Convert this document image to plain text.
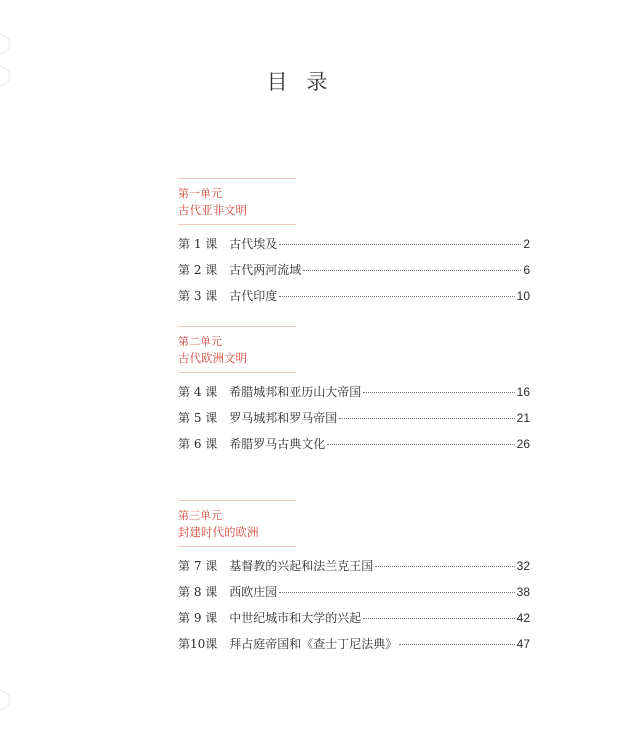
目 录
第一单元
古代亚非文明
第 1 课 古代埃及	2
第 2 课 古代两河流域	6
第 3 课 古代印度	10
第二单元
古代欧洲文明
第 4 课 希腊城邦和亚历山大帝国	16
第 5 课 罗马城邦和罗马帝国	21
第 6 课 希腊罗马古典文化	26
第三单元
封建时代的欧洲
第 7 课 基督教的兴起和法兰克王国	32
第 8 课 西欧庄园	38
第 9 课 中世纪城市和大学的兴起	42
第10课 拜占庭帝国和《查士丁尼法典》	47
